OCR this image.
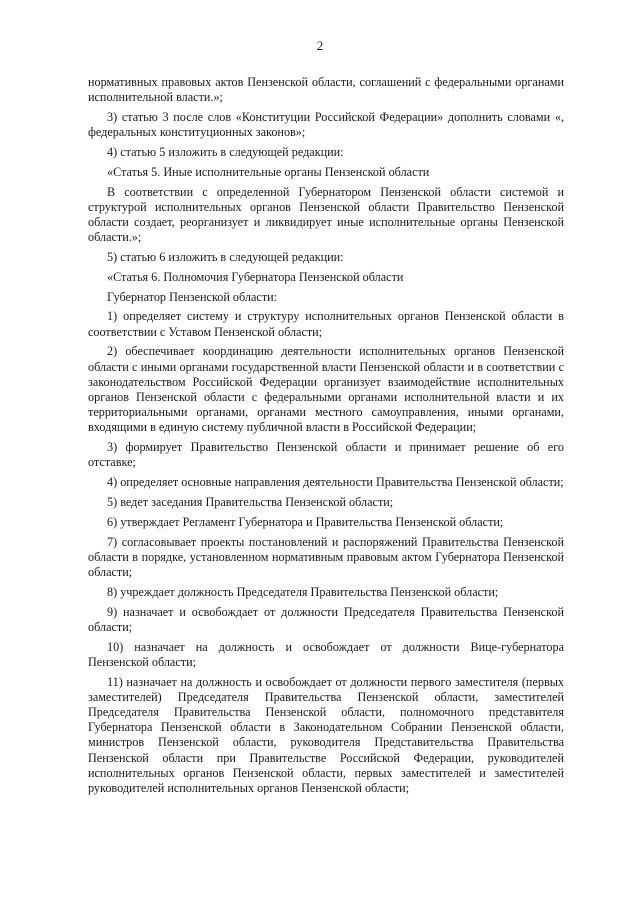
2

нормативных правовых актов Пензенской области, соглашений с федеральными органами исполнительной власти.»;

3) статью 3 после слов «Конституции Российской Федерации» дополнить словами «, федеральных конституционных законов»;

4) статью 5 изложить в следующей редакции:

«Статья 5. Иные исполнительные органы Пензенской области

В соответствии с определенной Губернатором Пензенской области системой и структурой исполнительных органов Пензенской области Правительство Пензенской области создает, реорганизует и ликвидирует иные исполнительные органы Пензенской области.»;

5) статью 6 изложить в следующей редакции:

«Статья 6. Полномочия Губернатора Пензенской области

Губернатор Пензенской области:

1) определяет систему и структуру исполнительных органов Пензенской области в соответствии с Уставом Пензенской области;

2) обеспечивает координацию деятельности исполнительных органов Пензенской области с иными органами государственной власти Пензенской области и в соответствии с законодательством Российской Федерации организует взаимодействие исполнительных органов Пензенской области с федеральными органами исполнительной власти и их территориальными органами, органами местного самоуправления, иными органами, входящими в единую систему публичной власти в Российской Федерации;

3) формирует Правительство Пензенской области и принимает решение об его отставке;

4) определяет основные направления деятельности Правительства Пензенской области;

5) ведет заседания Правительства Пензенской области;

6) утверждает Регламент Губернатора и Правительства Пензенской области;

7) согласовывает проекты постановлений и распоряжений Правительства Пензенской области в порядке, установленном нормативным правовым актом Губернатора Пензенской области;

8) учреждает должность Председателя Правительства Пензенской области;

9) назначает и освобождает от должности Председателя Правительства Пензенской области;

10) назначает на должность и освобождает от должности Вице-губернатора Пензенской области;

11) назначает на должность и освобождает от должности первого заместителя (первых заместителей) Председателя Правительства Пензенской области, заместителей Председателя Правительства Пензенской области, полномочного представителя Губернатора Пензенской области в Законодательном Собрании Пензенской области, министров Пензенской области, руководителя Представительства Правительства Пензенской области при Правительстве Российской Федерации, руководителей исполнительных органов Пензенской области, первых заместителей и заместителей руководителей исполнительных органов Пензенской области;
